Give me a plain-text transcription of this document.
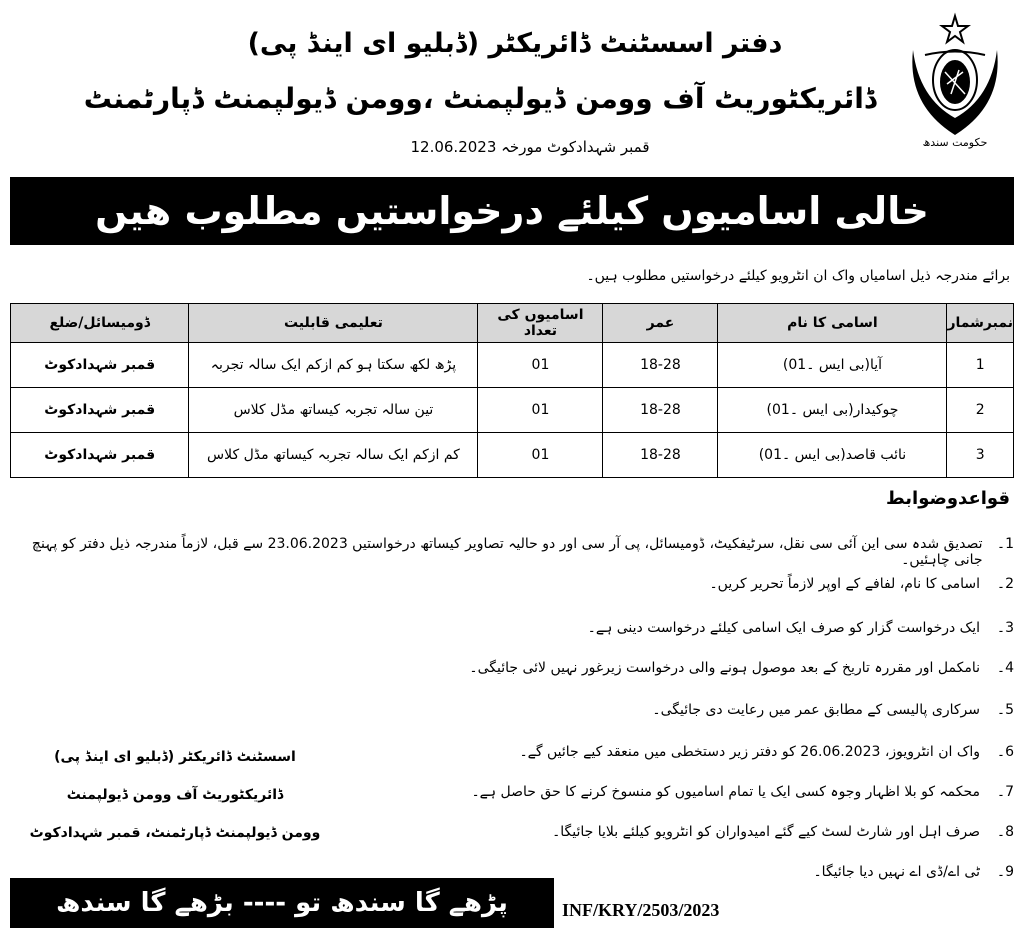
دفتر اسسٹنٹ ڈائریکٹر (ڈبلیو ای اینڈ پی)
ڈائریکٹوریٹ آف وومن ڈیولپمنٹ ،وومن ڈیولپمنٹ ڈپارٹمنٹ
قمبر شہدادکوٹ مورخہ 12.06.2023	حکومت سندھ
خالی اسامیوں کیلئے درخواستیں مطلوب ھیں
برائے مندرجہ ذیل اسامیاں واک ان انٹرویو کیلئے درخواستیں مطلوب ہیں۔
نمبرشمار	اسامی کا نام	عمر	اسامیوں کی تعداد	تعلیمی قابلیت	ڈومیسائل/ضلع
1	آیا(بی ایس ۔01)	18-28	01	پڑھ لکھ سکتا ہو کم ازکم ایک سالہ تجربہ	قمبر شہدادکوٹ
2	چوکیدار(بی ایس ۔01)	18-28	01	تین سالہ تجربہ کیساتھ مڈل کلاس	قمبر شہدادکوٹ
3	نائب قاصد(بی ایس ۔01)	18-28	01	کم ازکم ایک سالہ تجربہ کیساتھ مڈل کلاس	قمبر شہدادکوٹ
قواعدوضوابط
1۔
تصدیق شدہ سی این آئی سی نقل، سرٹیفکیٹ، ڈومیسائل، پی آر سی اور دو حالیہ تصاویر کیساتھ درخواستیں 23.06.2023 سے قبل، لازماً مندرجہ ذیل دفتر کو پہنچ جانی چاہئیں۔
2۔
اسامی کا نام، لفافے کے اوپر لازماً تحریر کریں۔
3۔
ایک درخواست گزار کو صرف ایک اسامی کیلئے درخواست دینی ہے۔
4۔
نامکمل اور مقررہ تاریخ کے بعد موصول ہونے والی درخواست زیرغور نہیں لائی جائیگی۔
5۔
سرکاری پالیسی کے مطابق عمر میں رعایت دی جائیگی۔
6۔
واک ان انٹرویوز، 26.06.2023 کو دفتر زیر دستخطی میں منعقد کیے جائیں گے۔
7۔
محکمہ کو بلا اظہار وجوہ کسی ایک یا تمام اسامیوں کو منسوخ کرنے کا حق حاصل ہے۔
8۔
صرف اہل اور شارٹ لسٹ کیے گئے امیدواران کو انٹرویو کیلئے بلایا جائیگا۔
9۔
ٹی اے/ڈی اے نہیں دیا جائیگا۔
اسسٹنٹ ڈائریکٹر (ڈبلیو ای اینڈ پی)
ڈائریکٹوریٹ آف وومن ڈیولپمنٹ
وومن ڈیولپمنٹ ڈپارٹمنٹ، قمبر شہدادکوٹ
پڑھے گا سندھ تو ---- بڑھے گا سندھ	INF/KRY/2503/2023
